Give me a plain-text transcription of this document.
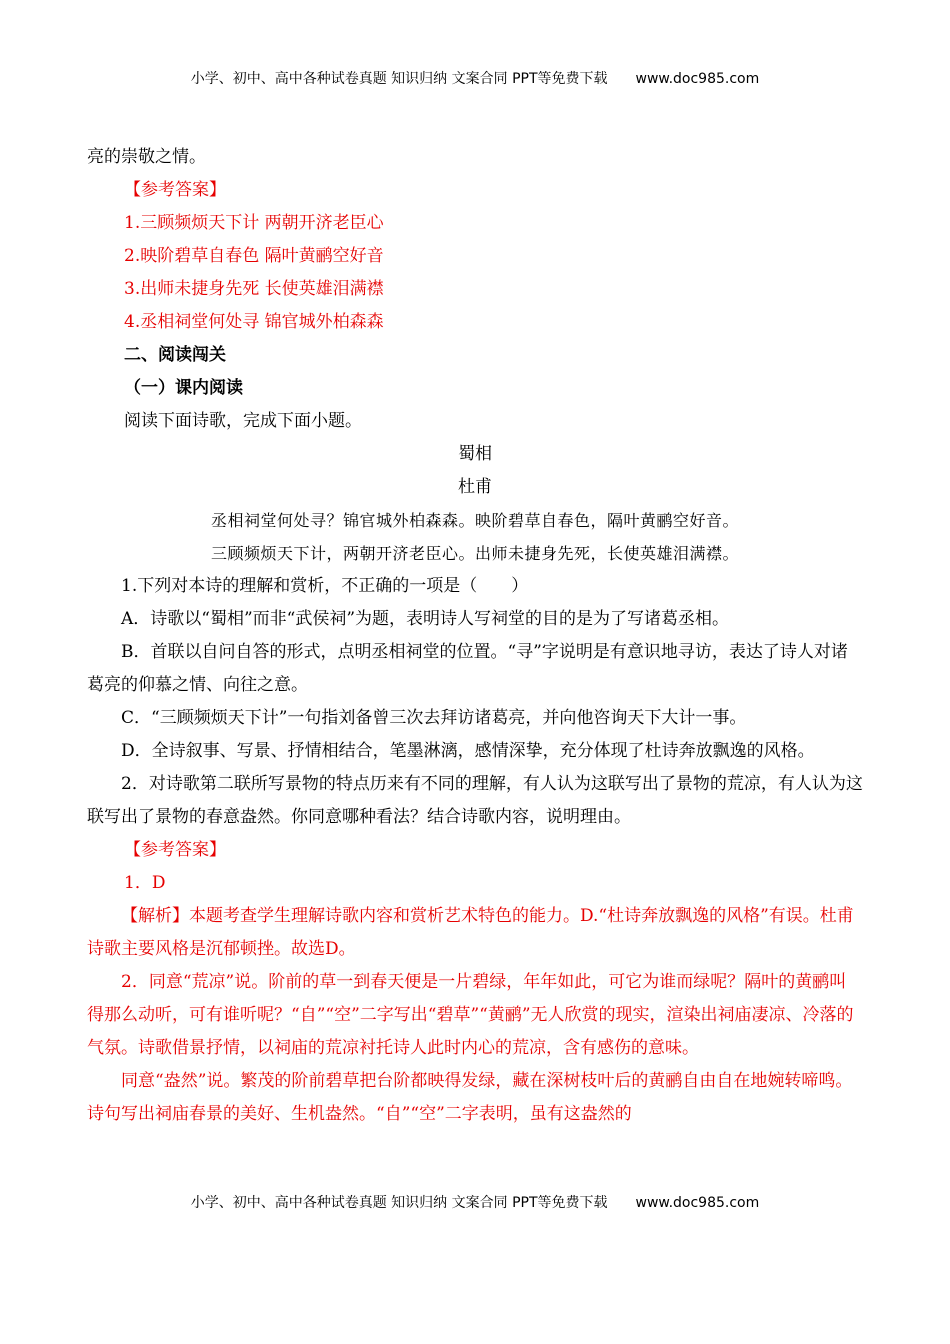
小学、初中、高中各种试卷真题 知识归纳 文案合同 PPT等免费下载 www.doc985.com

亮的崇敬之情。

【参考答案】

1.三顾频烦天下计 两朝开济老臣心

2.映阶碧草自春色 隔叶黄鹂空好音

3.出师未捷身先死 长使英雄泪满襟

4.丞相祠堂何处寻 锦官城外柏森森

二、阅读闯关

（一）课内阅读

阅读下面诗歌，完成下面小题。

蜀相

杜甫

丞相祠堂何处寻？锦官城外柏森森。映阶碧草自春色，隔叶黄鹂空好音。

三顾频烦天下计，两朝开济老臣心。出师未捷身先死，长使英雄泪满襟。

1.下列对本诗的理解和赏析，不正确的一项是（　　）

A．诗歌以“蜀相”而非“武侯祠”为题，表明诗人写祠堂的目的是为了写诸葛丞相。

B．首联以自问自答的形式，点明丞相祠堂的位置。“寻”字说明是有意识地寻访，表达了诗人对诸葛亮的仰慕之情、向往之意。

C．“三顾频烦天下计”一句指刘备曾三次去拜访诸葛亮，并向他咨询天下大计一事。

D．全诗叙事、写景、抒情相结合，笔墨淋漓，感情深挚，充分体现了杜诗奔放飘逸的风格。

2．对诗歌第二联所写景物的特点历来有不同的理解，有人认为这联写出了景物的荒凉，有人认为这联写出了景物的春意盎然。你同意哪种看法？结合诗歌内容，说明理由。

【参考答案】

1．D

【解析】本题考查学生理解诗歌内容和赏析艺术特色的能力。D.“杜诗奔放飘逸的风格”有误。杜甫诗歌主要风格是沉郁顿挫。故选D。

2．同意“荒凉”说。阶前的草一到春天便是一片碧绿，年年如此，可它为谁而绿呢？隔叶的黄鹂叫得那么动听，可有谁听呢？“自”“空”二字写出“碧草”“黄鹂”无人欣赏的现实，渲染出祠庙凄凉、冷落的气氛。诗歌借景抒情，以祠庙的荒凉衬托诗人此时内心的荒凉，含有感伤的意味。

同意“盎然”说。繁茂的阶前碧草把台阶都映得发绿，藏在深树枝叶后的黄鹂自由自在地婉转啼鸣。诗句写出祠庙春景的美好、生机盎然。“自”“空”二字表明，虽有这盎然的

小学、初中、高中各种试卷真题 知识归纳 文案合同 PPT等免费下载 www.doc985.com
